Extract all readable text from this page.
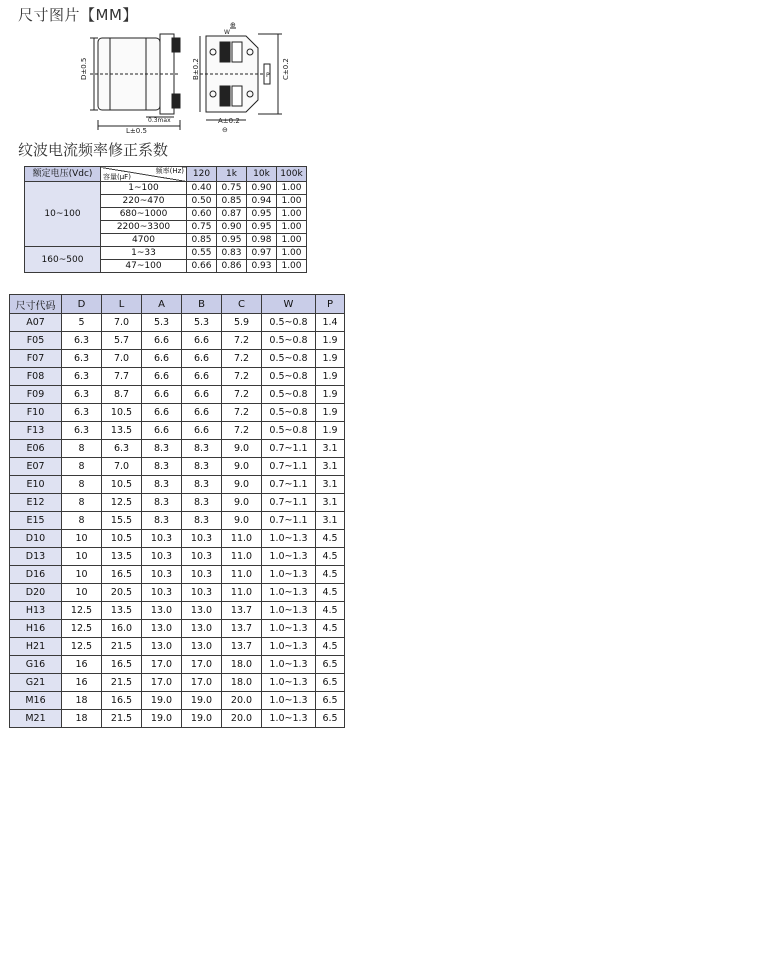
尺寸图片【MM】
D±0.5
L±0.5
0.3max
⊕
W
B±0.2	C±0.2
P
A±0.2
⊖
纹波电流频率修正系数
额定电压(Vdc)	频率(Hz)
容量(μF)	120	1k	10k	100k
10~100	1~100	0.40	0.75	0.90	1.00
	220~470	0.50	0.85	0.94	1.00
	680~1000	0.60	0.87	0.95	1.00
	2200~3300	0.75	0.90	0.95	1.00
	4700	0.85	0.95	0.98	1.00
160~500	1~33	0.55	0.83	0.97	1.00
	47~100	0.66	0.86	0.93	1.00
尺寸代码	D	L	A	B	C	W	P
A07	5	7.0	5.3	5.3	5.9	0.5~0.8	1.4
F05	6.3	5.7	6.6	6.6	7.2	0.5~0.8	1.9
F07	6.3	7.0	6.6	6.6	7.2	0.5~0.8	1.9
F08	6.3	7.7	6.6	6.6	7.2	0.5~0.8	1.9
F09	6.3	8.7	6.6	6.6	7.2	0.5~0.8	1.9
F10	6.3	10.5	6.6	6.6	7.2	0.5~0.8	1.9
F13	6.3	13.5	6.6	6.6	7.2	0.5~0.8	1.9
E06	8	6.3	8.3	8.3	9.0	0.7~1.1	3.1
E07	8	7.0	8.3	8.3	9.0	0.7~1.1	3.1
E10	8	10.5	8.3	8.3	9.0	0.7~1.1	3.1
E12	8	12.5	8.3	8.3	9.0	0.7~1.1	3.1
E15	8	15.5	8.3	8.3	9.0	0.7~1.1	3.1
D10	10	10.5	10.3	10.3	11.0	1.0~1.3	4.5
D13	10	13.5	10.3	10.3	11.0	1.0~1.3	4.5
D16	10	16.5	10.3	10.3	11.0	1.0~1.3	4.5
D20	10	20.5	10.3	10.3	11.0	1.0~1.3	4.5
H13	12.5	13.5	13.0	13.0	13.7	1.0~1.3	4.5
H16	12.5	16.0	13.0	13.0	13.7	1.0~1.3	4.5
H21	12.5	21.5	13.0	13.0	13.7	1.0~1.3	4.5
G16	16	16.5	17.0	17.0	18.0	1.0~1.3	6.5
G21	16	21.5	17.0	17.0	18.0	1.0~1.3	6.5
M16	18	16.5	19.0	19.0	20.0	1.0~1.3	6.5
M21	18	21.5	19.0	19.0	20.0	1.0~1.3	6.5
